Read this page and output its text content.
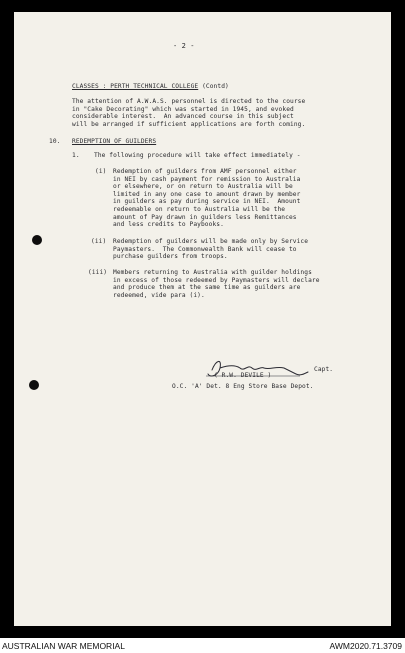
- 2 -
CLASSES : PERTH TECHNICAL COLLEGE (Contd)
The attention of A.W.A.S. personnel is directed to the course
in "Cake Decorating" which was started in 1945, and evoked
considerable interest.  An advanced course in this subject
will be arranged if sufficient applications are forth coming.
10. REDEMPTION OF GUILDERS
1. The following procedure will take effect immediately -
(i) Redemption of guilders from AMF personnel either
in NEI by cash payment for remission to Australia
or elsewhere, or on return to Australia will be
limited in any one case to amount drawn by member
in guilders as pay during service in NEI.  Amount
redeemable on return to Australia will be the
amount of Pay drawn in guilders less Remittances
and less credits to Paybooks.
(ii) Redemption of guilders will be made only by Service
Paymasters.  The Commonwealth Bank will cease to
purchase guilders from troops.
(iii) Members returning to Australia with guilder holdings
in excess of those redeemed by Paymasters will declare
and produce them at the same time as guilders are
redeemed, vide para (i).
Capt.
( R.W. DEVILE )
O.C. 'A' Det. 8 Eng Store Base Depot.
AUSTRALIAN WAR MEMORIAL	AWM2020.71.3709
